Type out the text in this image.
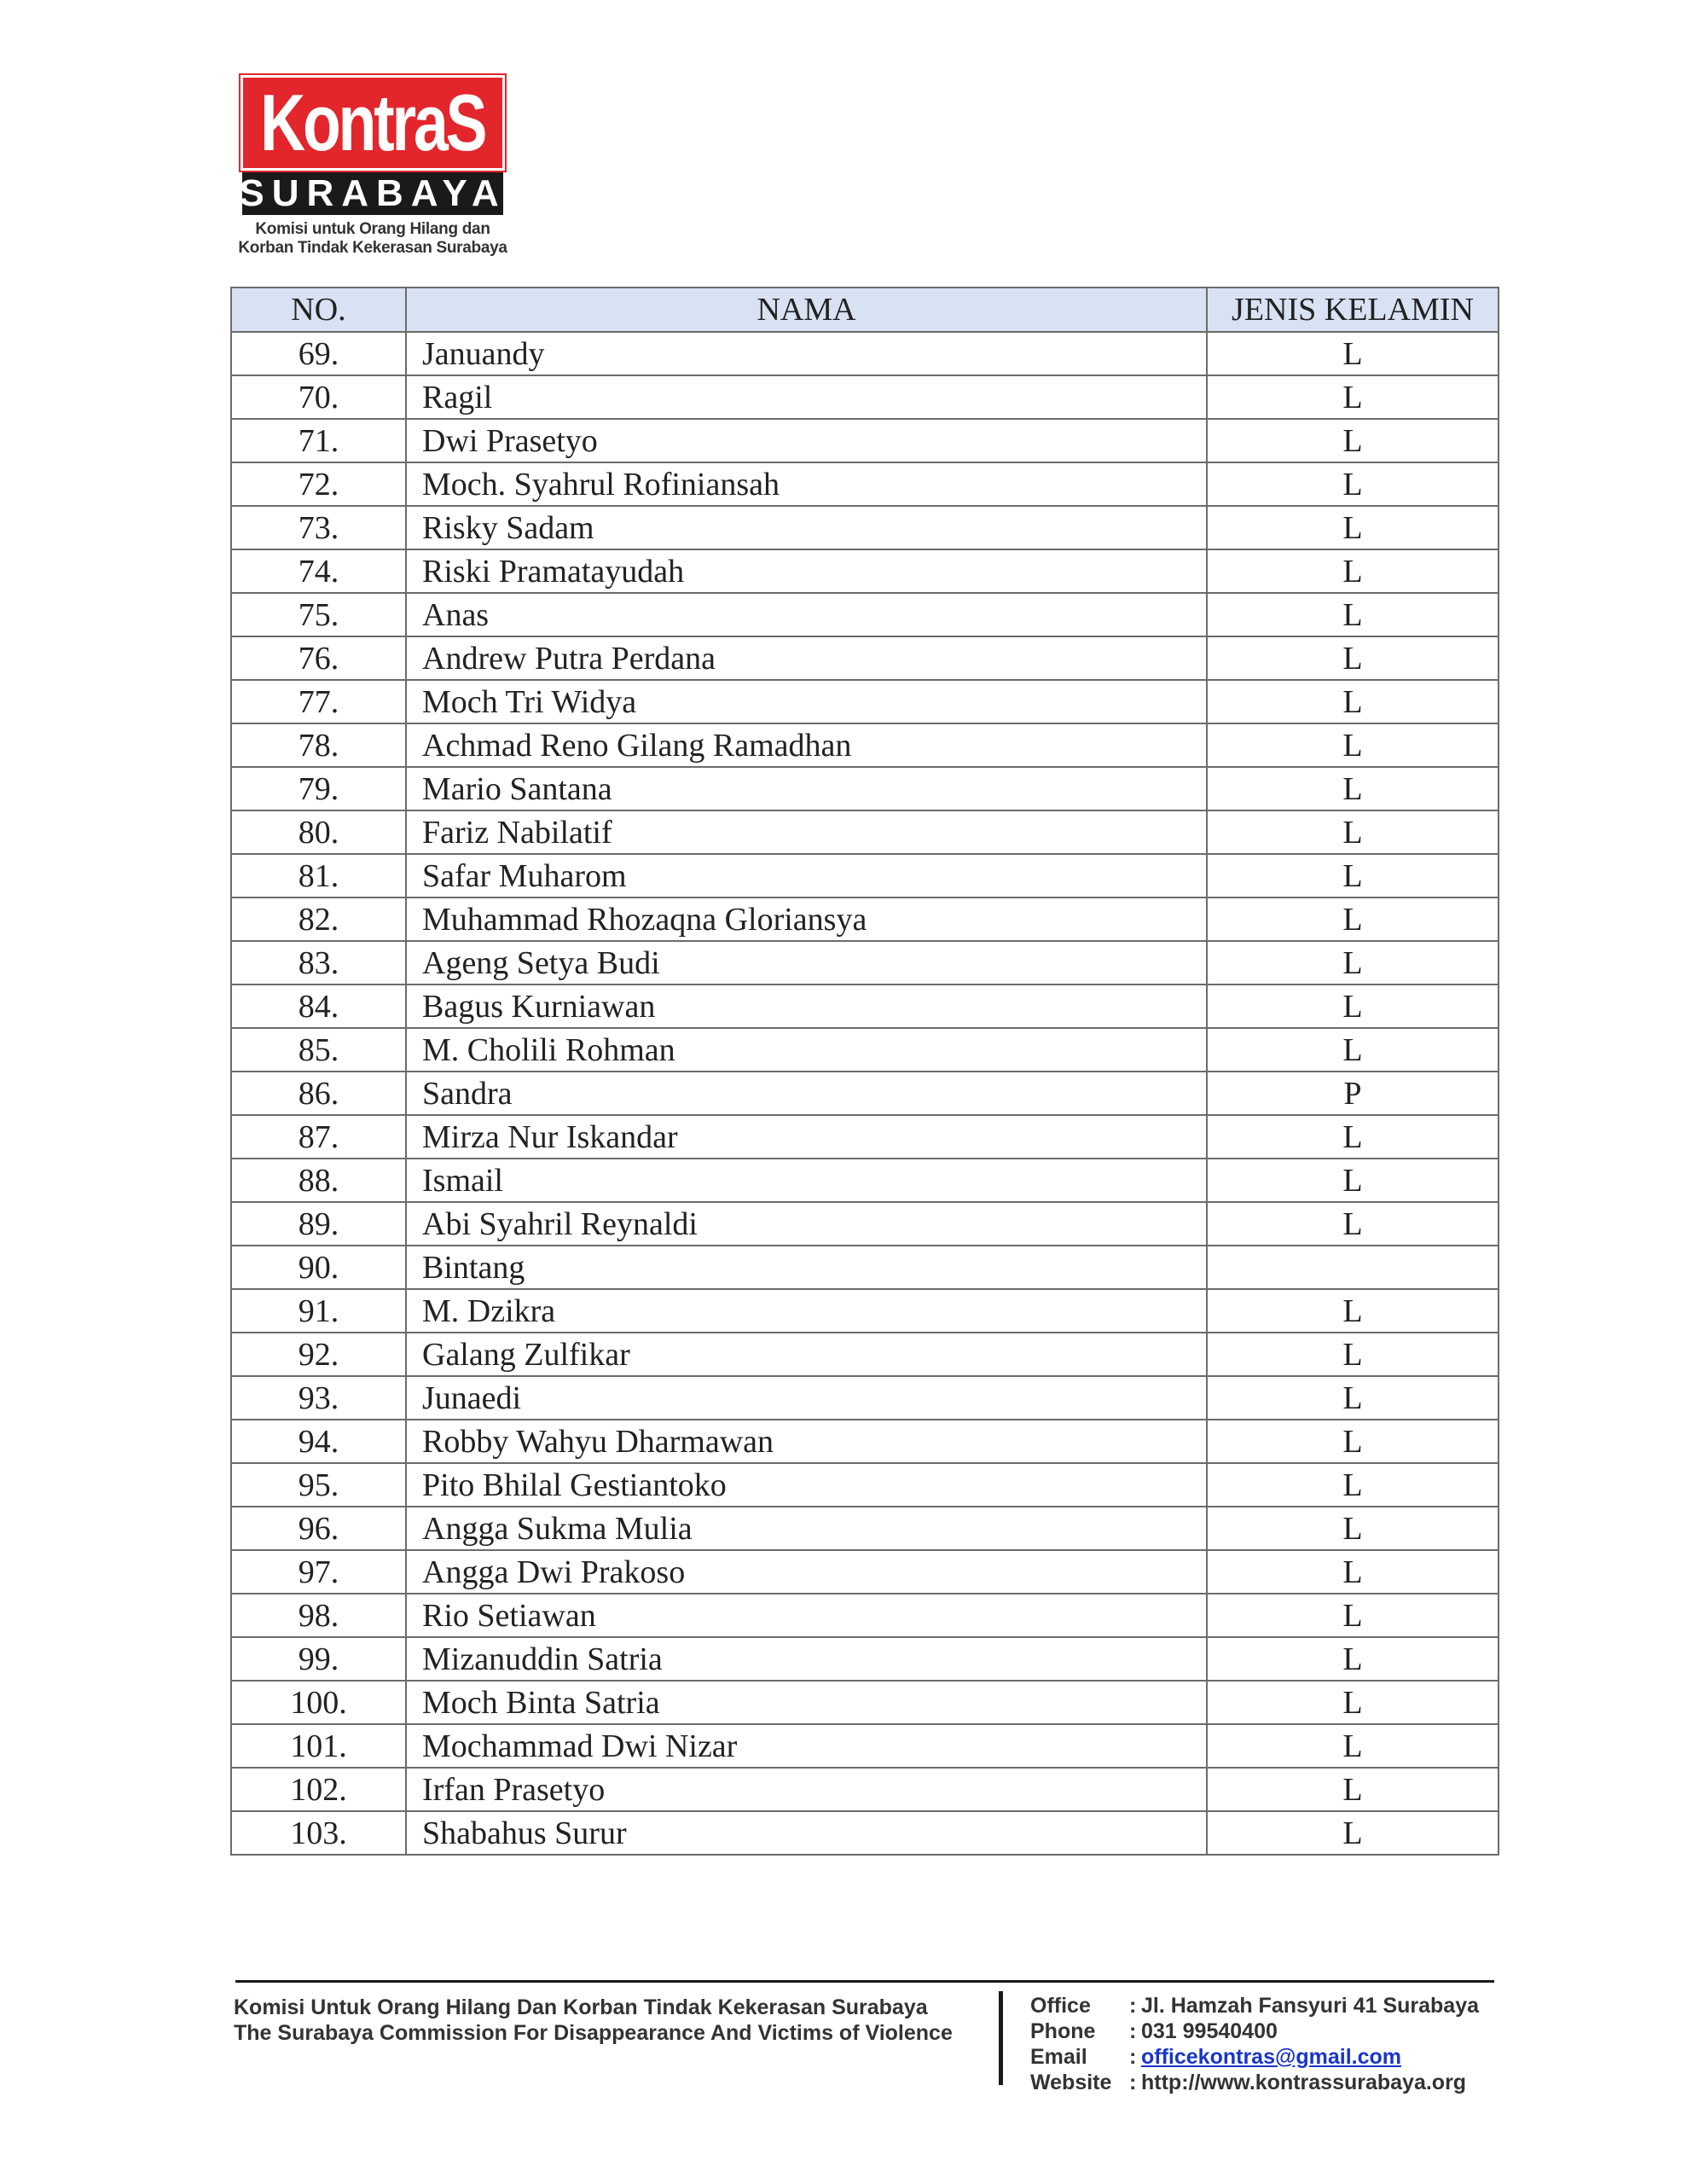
KontraS
SURABAYA
Komisi untuk Orang Hilang dan
Korban Tindak Kekerasan Surabaya
NO.	NAMA	JENIS KELAMIN
69.	Januandy	L
70.	Ragil	L
71.	Dwi Prasetyo	L
72.	Moch. Syahrul Rofiniansah	L
73.	Risky Sadam	L
74.	Riski Pramatayudah	L
75.	Anas	L
76.	Andrew Putra Perdana	L
77.	Moch Tri Widya	L
78.	Achmad Reno Gilang Ramadhan	L
79.	Mario Santana	L
80.	Fariz Nabilatif	L
81.	Safar Muharom	L
82.	Muhammad Rhozaqna Gloriansya	L
83.	Ageng Setya Budi	L
84.	Bagus Kurniawan	L
85.	M. Cholili Rohman	L
86.	Sandra	P
87.	Mirza Nur Iskandar	L
88.	Ismail	L
89.	Abi Syahril Reynaldi	L
90.	Bintang	
91.	M. Dzikra	L
92.	Galang Zulfikar	L
93.	Junaedi	L
94.	Robby Wahyu Dharmawan	L
95.	Pito Bhilal Gestiantoko	L
96.	Angga Sukma Mulia	L
97.	Angga Dwi Prakoso	L
98.	Rio Setiawan	L
99.	Mizanuddin Satria	L
100.	Moch Binta Satria	L
101.	Mochammad Dwi Nizar	L
102.	Irfan Prasetyo	L
103.	Shabahus Surur	L
Komisi Untuk Orang Hilang Dan Korban Tindak Kekerasan Surabaya
The Surabaya Commission For Disappearance And Victims of Violence
Office	: Jl. Hamzah Fansyuri 41 Surabaya
Phone	: 031 99540400
Email	: officekontras@gmail.com
Website : http://www.kontrassurabaya.org
